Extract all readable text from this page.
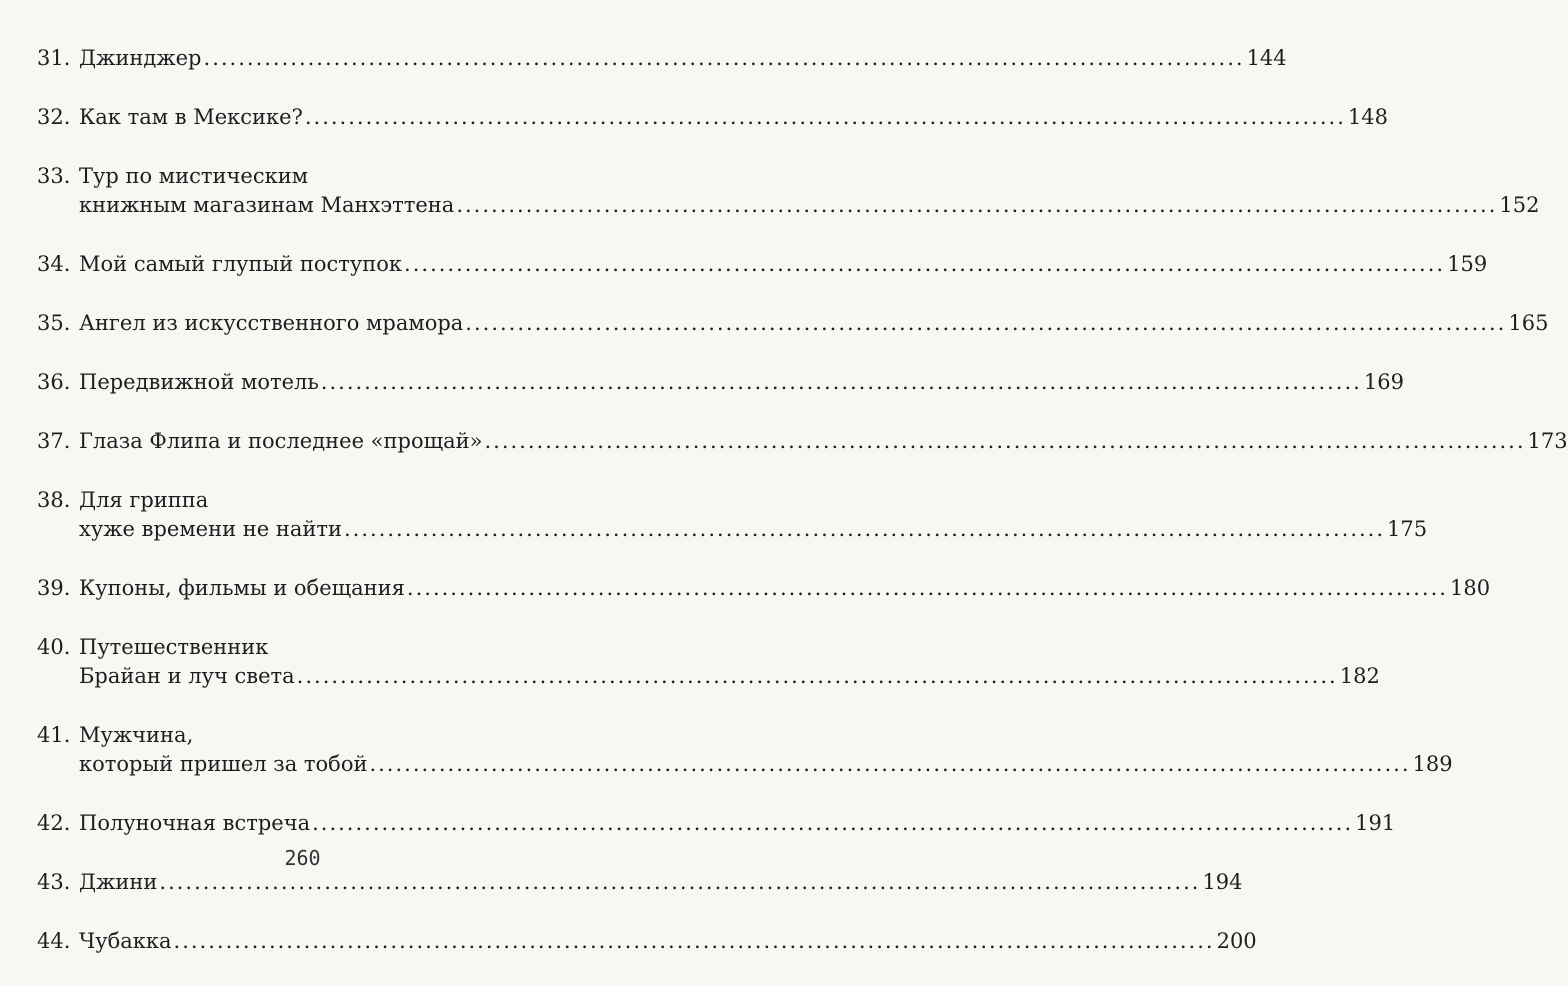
31. Джинджер .....	144
32. Как там в Мексике? .....	148
33. Тур по мистическим
книжным магазинам Манхэттена .....	152
34. Мой самый глупый поступок .....	159
35. Ангел из искусственного мрамора .....	165
36. Передвижной мотель .....	169
37. Глаза Флипа и последнее «прощай» .....	173
38. Для гриппа
хуже времени не найти .....	175
39. Купоны, фильмы и обещания .....	180
40. Путешественник
Брайан и луч света .....	182
41. Мужчина,
который пришел за тобой .....	189
42. Полуночная встреча .....	191
43. Джини .....	194
44. Чубакка .....	200
260
